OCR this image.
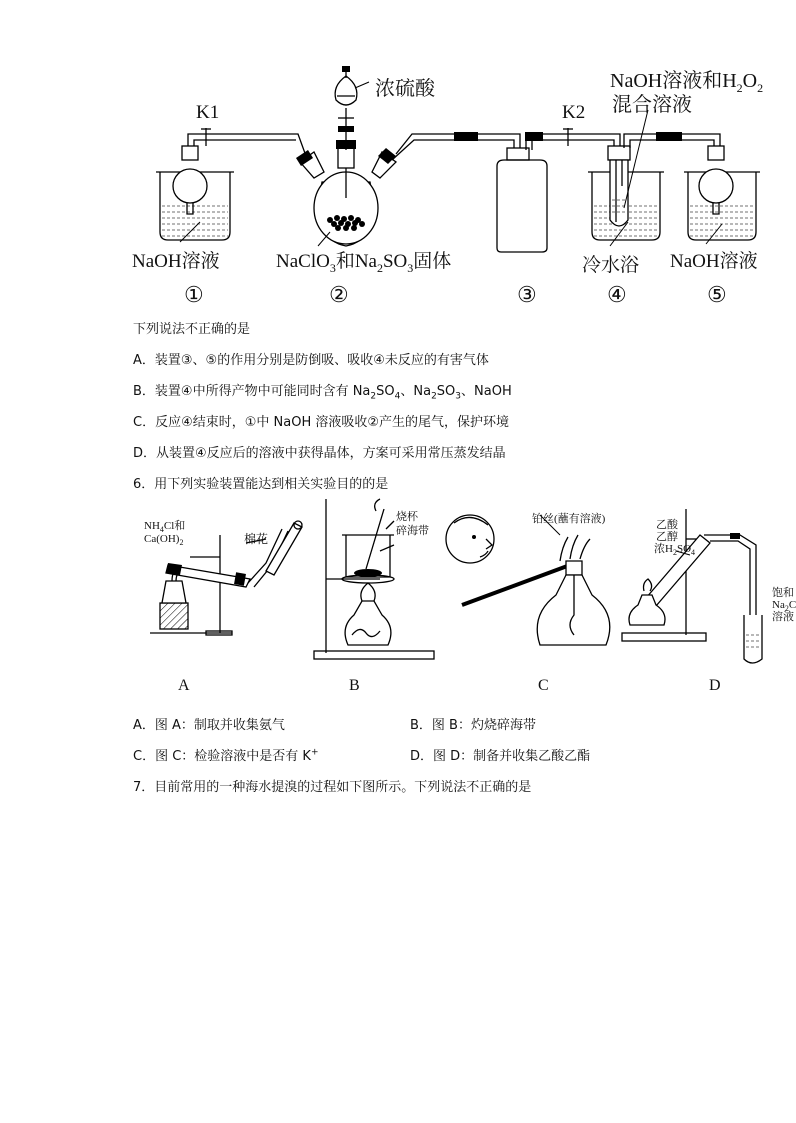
K1	K2
浓硫酸	NaOH溶液和$H_2O_2$
混合溶液
NaOH溶液	NaClO$_3$和$Na_2SO_3$固体	冷水浴 NaOH溶液
①	②	③	④	⑤
下列说法不正确的是
A．装置③、⑤的作用分别是防倒吸、吸收④未反应的有害气体
B．装置④中所得产物中可能同时含有 $Na_2SO_4$、$Na_2SO_3$、NaOH
C．反应④结束时，①中 NaOH 溶液吸收②产生的尾气，保护环境
D．从装置④反应后的溶液中获得晶体，方案可采用常压蒸发结晶
6．用下列实验装置能达到相关实验目的的是
$NH_4Cl$和
$Ca(OH)_2$	棉花
烧杯
碎海带
铂丝(蘸有溶液)	乙酸
乙醇
浓$H_2SO_4$
饱和
$Na_2C$
溶液
A	B	C	D
A．图 A：制取并收集氨气	B．图 B：灼烧碎海带
C．图 C：检验溶液中是否有 K+	D．图 D：制备并收集乙酸乙酯
7．目前常用的一种海水提溴的过程如下图所示。下列说法不正确的是
